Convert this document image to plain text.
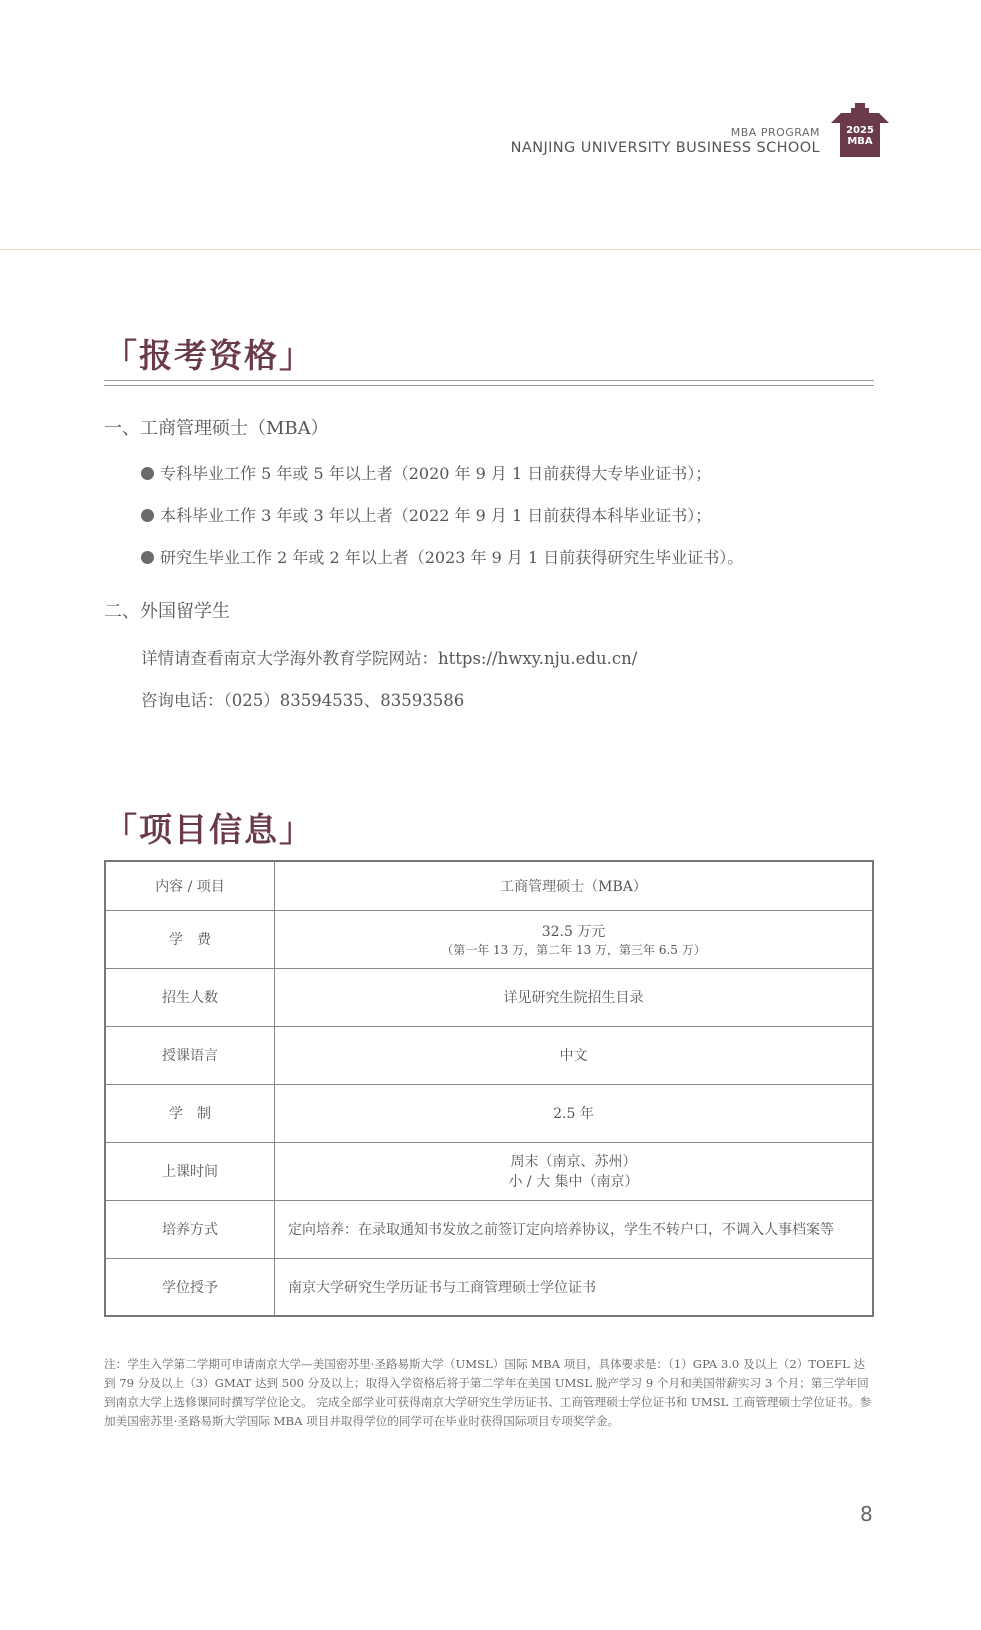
MBA PROGRAM
NANJING UNIVERSITY BUSINESS SCHOOL
2025
MBA
「报考资格」
一、工商管理硕士（MBA）
专科毕业工作 5 年或 5 年以上者（2020 年 9 月 1 日前获得大专毕业证书）；
本科毕业工作 3 年或 3 年以上者（2022 年 9 月 1 日前获得本科毕业证书）；
研究生毕业工作 2 年或 2 年以上者（2023 年 9 月 1 日前获得研究生毕业证书）。
二、外国留学生
详情请查看南京大学海外教育学院网站：https://hwxy.nju.edu.cn/
咨询电话：（025）83594535、83593586
「项目信息」
内容 / 项目	工商管理硕士（MBA）
学　费	32.5 万元
（第一年 13 万，第二年 13 万，第三年 6.5 万）

招生人数	详见研究生院招生目录
授课语言	中文
学　制	2.5 年
上课时间	周末（南京、苏州）
小 / 大 集中（南京）

培养方式	定向培养：在录取通知书发放之前签订定向培养协议，学生不转户口，不调入人事档案等
学位授予	南京大学研究生学历证书与工商管理硕士学位证书
注：学生入学第二学期可申请南京大学—美国密苏里·圣路易斯大学（UMSL）国际 MBA 项目，具体要求是：（1）GPA 3.0 及以上（2）TOEFL 达到 79 分及以上（3）GMAT 达到 500 分及以上；取得入学资格后将于第二学年在美国 UMSL 脱产学习 9 个月和美国带薪实习 3 个月；第三学年回到南京大学上选修课同时撰写学位论文。 完成全部学业可获得南京大学研究生学历证书、工商管理硕士学位证书和 UMSL 工商管理硕士学位证书。参加美国密苏里·圣路易斯大学国际 MBA 项目并取得学位的同学可在毕业时获得国际项目专项奖学金。
8
